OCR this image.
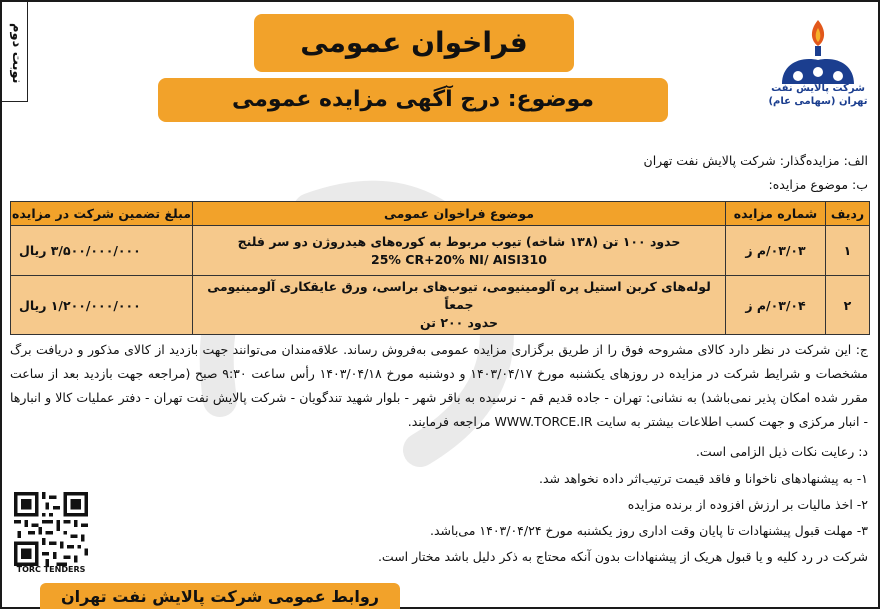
نوبت دوم
شرکت پالایش نفت تهران (سهامی عام)
فراخوان عمومی
موضوع: درج آگهی مزایده عمومی
الف: مزایده‌گذار: شرکت پالایش نفت تهران
ب: موضوع مزایده:
ردیف	شماره مزایده	موضوع فراخوان عمومی	مبلغ تضمین شرکت در مزایده
۱	۰۳/۰۳/م ز	حدود ۱۰۰ تن (۱۳۸ شاخه) تیوب مربوط به کوره‌های هیدروژن دو سر فلنج
25% CR+20% NI/ AISI310	۳/۵۰۰/۰۰۰/۰۰۰ ریال
۲	۰۳/۰۴/م ز	لوله‌های کربن استیل پره آلومینیومی، تیوب‌های براسی، ورق عایقکاری آلومینیومی جمعاً
حدود ۲۰۰ تن	۱/۲۰۰/۰۰۰/۰۰۰ ریال
ج: این شرکت در نظر دارد کالای مشروحه فوق را از طریق برگزاری مزایده عمومی به‌فروش رساند. علاقه‌مندان می‌توانند جهت بازدید از کالای مذکور و دریافت برگ مشخصات و شرایط شرکت در مزایده در روزهای یکشنبه مورخ ۱۴۰۳/۰۴/۱۷ و دوشنبه مورخ ۱۴۰۳/۰۴/۱۸ رأس ساعت ۹:۳۰ صبح (مراجعه جهت بازدید بعد از ساعت مقرر شده امکان پذیر نمی‌باشد) به نشانی: تهران - جاده قدیم قم - نرسیده به باقر شهر - بلوار شهید تندگویان - شرکت پالایش نفت تهران - دفتر عملیات کالا و انبارها - انبار مرکزی و جهت کسب اطلاعات بیشتر به سایت WWW.TORCE.IR مراجعه فرمایند.
د: رعایت نکات ذیل الزامی است.
۱- به پیشنهادهای ناخوانا و فاقد قیمت ترتیب‌اثر داده نخواهد شد.
۲- اخذ مالیات بر ارزش افزوده از برنده مزایده
۳- مهلت قبول پیشنهادات تا پایان وقت اداری روز یکشنبه مورخ ۱۴۰۳/۰۴/۲۴ می‌باشد.
شرکت در رد کلیه و یا قبول هریک از پیشنهادات بدون آنکه محتاج به ذکر دلیل باشد مختار است.
TORC TENDERS
روابط عمومی شرکت پالایش نفت تهران
